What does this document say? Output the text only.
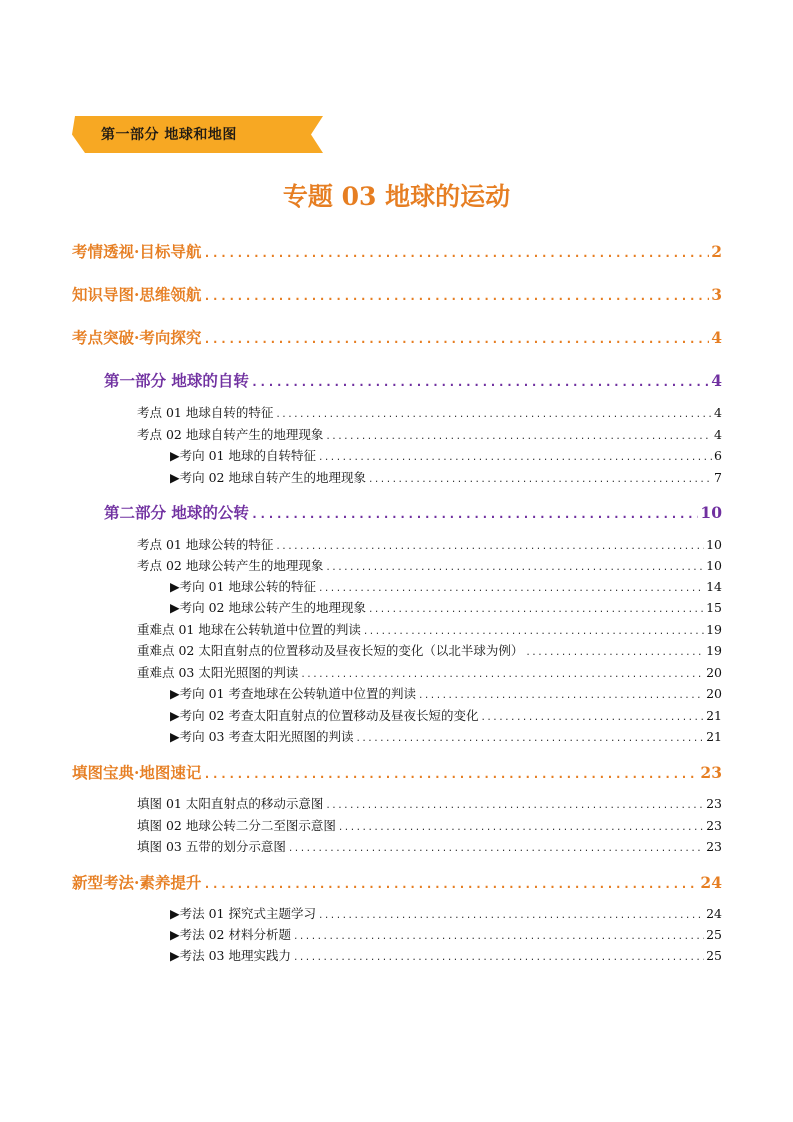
第一部分 地球和地图
专题 03 地球的运动
考情透视·目标导航 .....	2
知识导图·思维领航 .....	3
考点突破·考向探究 .....	4
第一部分 地球的自转 .....	4
考点 01 地球自转的特征 .....	4
考点 02 地球自转产生的地理现象 .....	4
▶考向 01 地球的自转特征 .....	6
▶考向 02 地球自转产生的地理现象 .....	7
第二部分 地球的公转 .....	10
考点 01 地球公转的特征 .....	10
考点 02 地球公转产生的地理现象 .....	10
▶考向 01 地球公转的特征 .....	14
▶考向 02 地球公转产生的地理现象 .....	15
重难点 01 地球在公转轨道中位置的判读 .....	19
重难点 02 太阳直射点的位置移动及昼夜长短的变化（以北半球为例） .....	19
重难点 03 太阳光照图的判读 .....	20
▶考向 01 考查地球在公转轨道中位置的判读 .....	20
▶考向 02 考查太阳直射点的位置移动及昼夜长短的变化 .....	21
▶考向 03 考查太阳光照图的判读 .....	21
填图宝典·地图速记 .....	23
填图 01 太阳直射点的移动示意图 .....	23
填图 02 地球公转二分二至图示意图 .....	23
填图 03 五带的划分示意图 .....	23
新型考法·素养提升 .....	24
▶考法 01 探究式主题学习 .....	24
▶考法 02 材料分析题 .....	25
▶考法 03 地理实践力 .....	25
